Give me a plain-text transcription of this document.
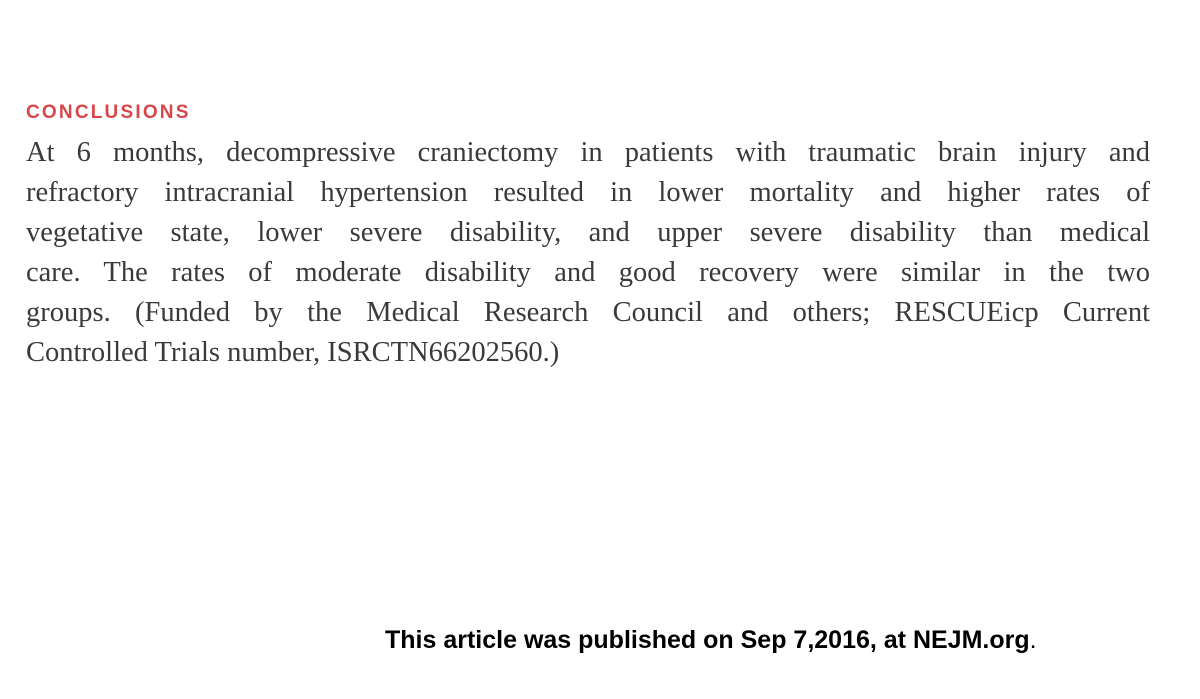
CONCLUSIONS

At 6 months, decompressive craniectomy in patients with traumatic brain injury and
refractory intracranial hypertension resulted in lower mortality and higher rates of
vegetative state, lower severe disability, and upper severe disability than medical
care. The rates of moderate disability and good recovery were similar in the two
groups. (Funded by the Medical Research Council and others; RESCUEicp Current
Controlled Trials number, ISRCTN66202560.)

This article was published on Sep 7,2016, at NEJM.org.
